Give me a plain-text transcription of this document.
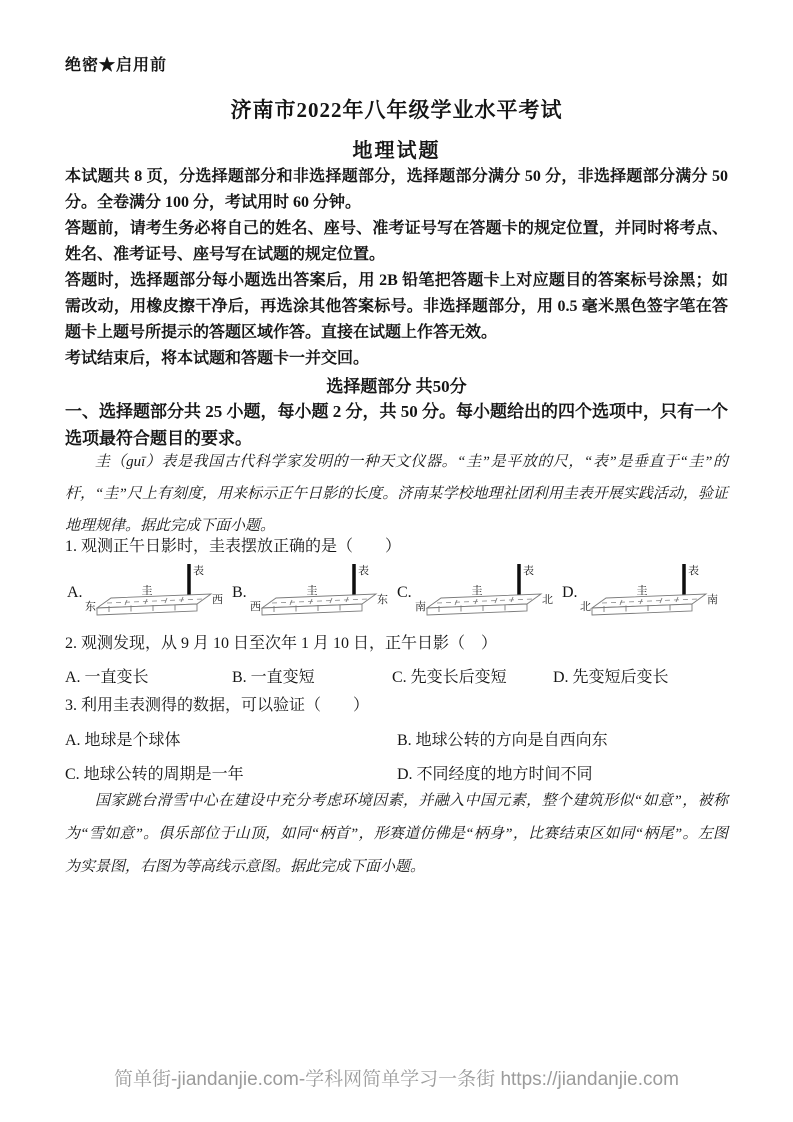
绝密★启用前
济南市2022年八年级学业水平考试
地理试题

本试题共 8 页，分选择题部分和非选择题部分，选择题部分满分 50 分，非选择题部分满分 50 分。全卷满分 100 分，考试用时 60 分钟。

答题前，请考生务必将自己的姓名、座号、准考证号写在答题卡的规定位置，并同时将考点、姓名、准考证号、座号写在试题的规定位置。

答题时，选择题部分每小题选出答案后，用 2B 铅笔把答题卡上对应题目的答案标号涂黑；如需改动，用橡皮擦干净后，再选涂其他答案标号。非选择题部分，用 0.5 毫米黑色签字笔在答题卡上题号所提示的答题区域作答。直接在试题上作答无效。

考试结束后，将本试题和答题卡一并交回。

选择题部分 共50分
一、选择题部分共 25 小题，每小题 2 分，共 50 分。每小题给出的四个选项中，只有一个选项最符合题目的要求。
圭（guī）表是我国古代科学家发明的一种天文仪器。“圭”是平放的尺，“表”是垂直于“圭”的杆，“圭”尺上有刻度，用来标示正午日影的长度。济南某学校地理社团利用圭表开展实践活动，验证地理规律。据此完成下面小题。
1. 观测正午日影时，圭表摆放正确的是（　　）
A.
表
圭
东
西 B.
表
圭
西
东 C.
表
圭
南
北 D.
表
圭
北
南
2. 观测发现，从 9 月 10 日至次年 1 月 10 日，正午日影（　）
A. 一直变长	B. 一直变短	C. 先变长后变短	D. 先变短后变长
3. 利用圭表测得的数据，可以验证（　　）
A. 地球是个球体	B. 地球公转的方向是自西向东
C. 地球公转的周期是一年	D. 不同经度的地方时间不同
国家跳台滑雪中心在建设中充分考虑环境因素，并融入中国元素，整个建筑形似“如意”，被称为“雪如意”。俱乐部位于山顶，如同“柄首”，形赛道仿佛是“柄身”，比赛结束区如同“柄尾”。左图为实景图，右图为等高线示意图。据此完成下面小题。
简单街-jiandanjie.com-学科网简单学习一条街 https://jiandanjie.com
